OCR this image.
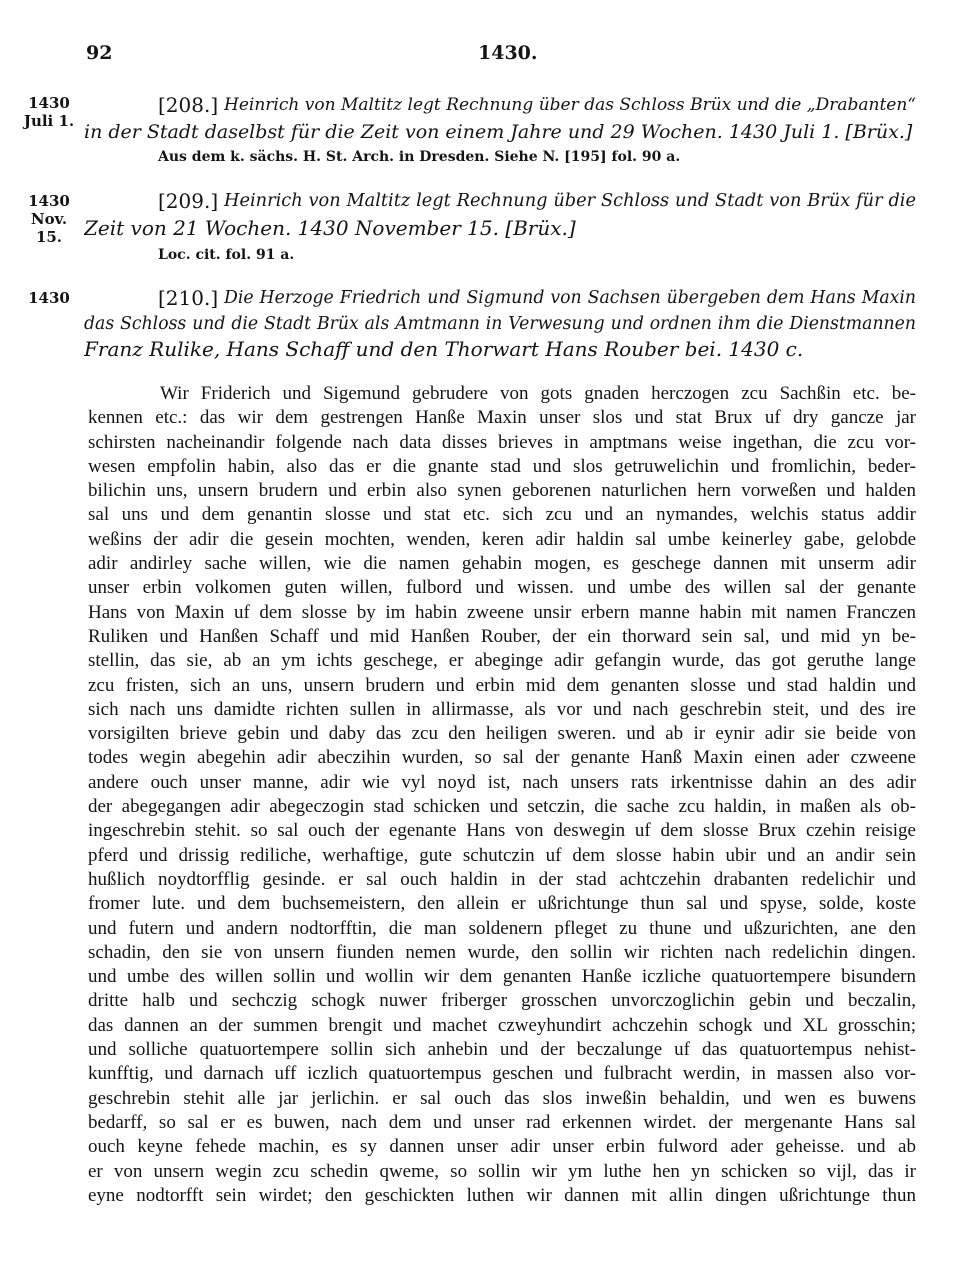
92	1430.
1430
Juli 1.
[208.] Heinrich von Maltitz legt Rechnung über das Schloss Brüx und die „Drabanten“
in der Stadt daselbst für die Zeit von einem Jahre und 29 Wochen. 1430 Juli 1. [Brüx.]
Aus dem k. sächs. H. St. Arch. in Dresden. Siehe N. [195] fol. 90 a.
1430
Nov. 15.
[209.] Heinrich von Maltitz legt Rechnung über Schloss und Stadt von Brüx für die
Zeit von 21 Wochen. 1430 November 15. [Brüx.]
Loc. cit. fol. 91 a.
1430	[210.] Die Herzoge Friedrich und Sigmund von Sachsen übergeben dem Hans Maxin
das Schloss und die Stadt Brüx als Amtmann in Verwesung und ordnen ihm die Dienstmannen
Franz Rulike, Hans Schaff und den Thorwart Hans Rouber bei. 1430 c.
Wir Friderich und Sigemund gebrudere von gots gnaden herczogen zcu Sachßin etc. be-
kennen etc.: das wir dem gestrengen Hanße Maxin unser slos und stat Brux uf dry gancze jar
schirsten nacheinandir folgende nach data disses brieves in amptmans weise ingethan, die zcu vor-
wesen empfolin habin, also das er die gnante stad und slos getruwelichin und fromlichin, beder-
bilichin uns, unsern brudern und erbin also synen geborenen naturlichen hern vorweßen und halden
sal uns und dem genantin slosse und stat etc. sich zcu und an nymandes, welchis status addir
weßins der adir die gesein mochten, wenden, keren adir haldin sal umbe keinerley gabe, gelobde
adir andirley sache willen, wie die namen gehabin mogen, es geschege dannen mit unserm adir
unser erbin volkomen guten willen, fulbord und wissen. und umbe des willen sal der genante
Hans von Maxin uf dem slosse by im habin zweene unsir erbern manne habin mit namen Franczen
Ruliken und Hanßen Schaff und mid Hanßen Rouber, der ein thorward sein sal, und mid yn be-
stellin, das sie, ab an ym ichts geschege, er abeginge adir gefangin wurde, das got geruthe lange
zcu fristen, sich an uns, unsern brudern und erbin mid dem genanten slosse und stad haldin und
sich nach uns damidte richten sullen in allirmasse, als vor und nach geschrebin steit, und des ire
vorsigilten brieve gebin und daby das zcu den heiligen sweren. und ab ir eynir adir sie beide von
todes wegin abegehin adir abeczihin wurden, so sal der genante Hanß Maxin einen ader czweene
andere ouch unser manne, adir wie vyl noyd ist, nach unsers rats irkentnisse dahin an des adir
der abegegangen adir abegeczogin stad schicken und setczin, die sache zcu haldin, in maßen als ob-
ingeschrebin stehit. so sal ouch der egenante Hans von deswegin uf dem slosse Brux czehin reisige
pferd und drissig rediliche, werhaftige, gute schutczin uf dem slosse habin ubir und an andir sein
hußlich noydtorfflig gesinde. er sal ouch haldin in der stad achtczehin drabanten redelichir und
fromer lute. und dem buchsemeistern, den allein er ußrichtunge thun sal und spyse, solde, koste
und futern und andern nodtorfftin, die man soldenern pfleget zu thune und ußzurichten, ane den
schadin, den sie von unsern fiunden nemen wurde, den sollin wir richten nach redelichin dingen.
und umbe des willen sollin und wollin wir dem genanten Hanße iczliche quatuortempere bisundern
dritte halb und sechczig schogk nuwer friberger grosschen unvorczoglichin gebin und beczalin,
das dannen an der summen brengit und machet czweyhundirt achczehin schogk und XL grosschin;
und solliche quatuortempere sollin sich anhebin und der beczalunge uf das quatuortempus nehist-
kunfftig, und darnach uff iczlich quatuortempus geschen und fulbracht werdin, in massen also vor-
geschrebin stehit alle jar jerlichin. er sal ouch das slos inweßin behaldin, und wen es buwens
bedarff, so sal er es buwen, nach dem und unser rad erkennen wirdet. der mergenante Hans sal
ouch keyne fehede machin, es sy dannen unser adir unser erbin fulword ader geheisse. und ab
er von unsern wegin zcu schedin qweme, so sollin wir ym luthe hen yn schicken so vijl, das ir
eyne nodtorfft sein wirdet; den geschickten luthen wir dannen mit allin dingen ußrichtunge thun
